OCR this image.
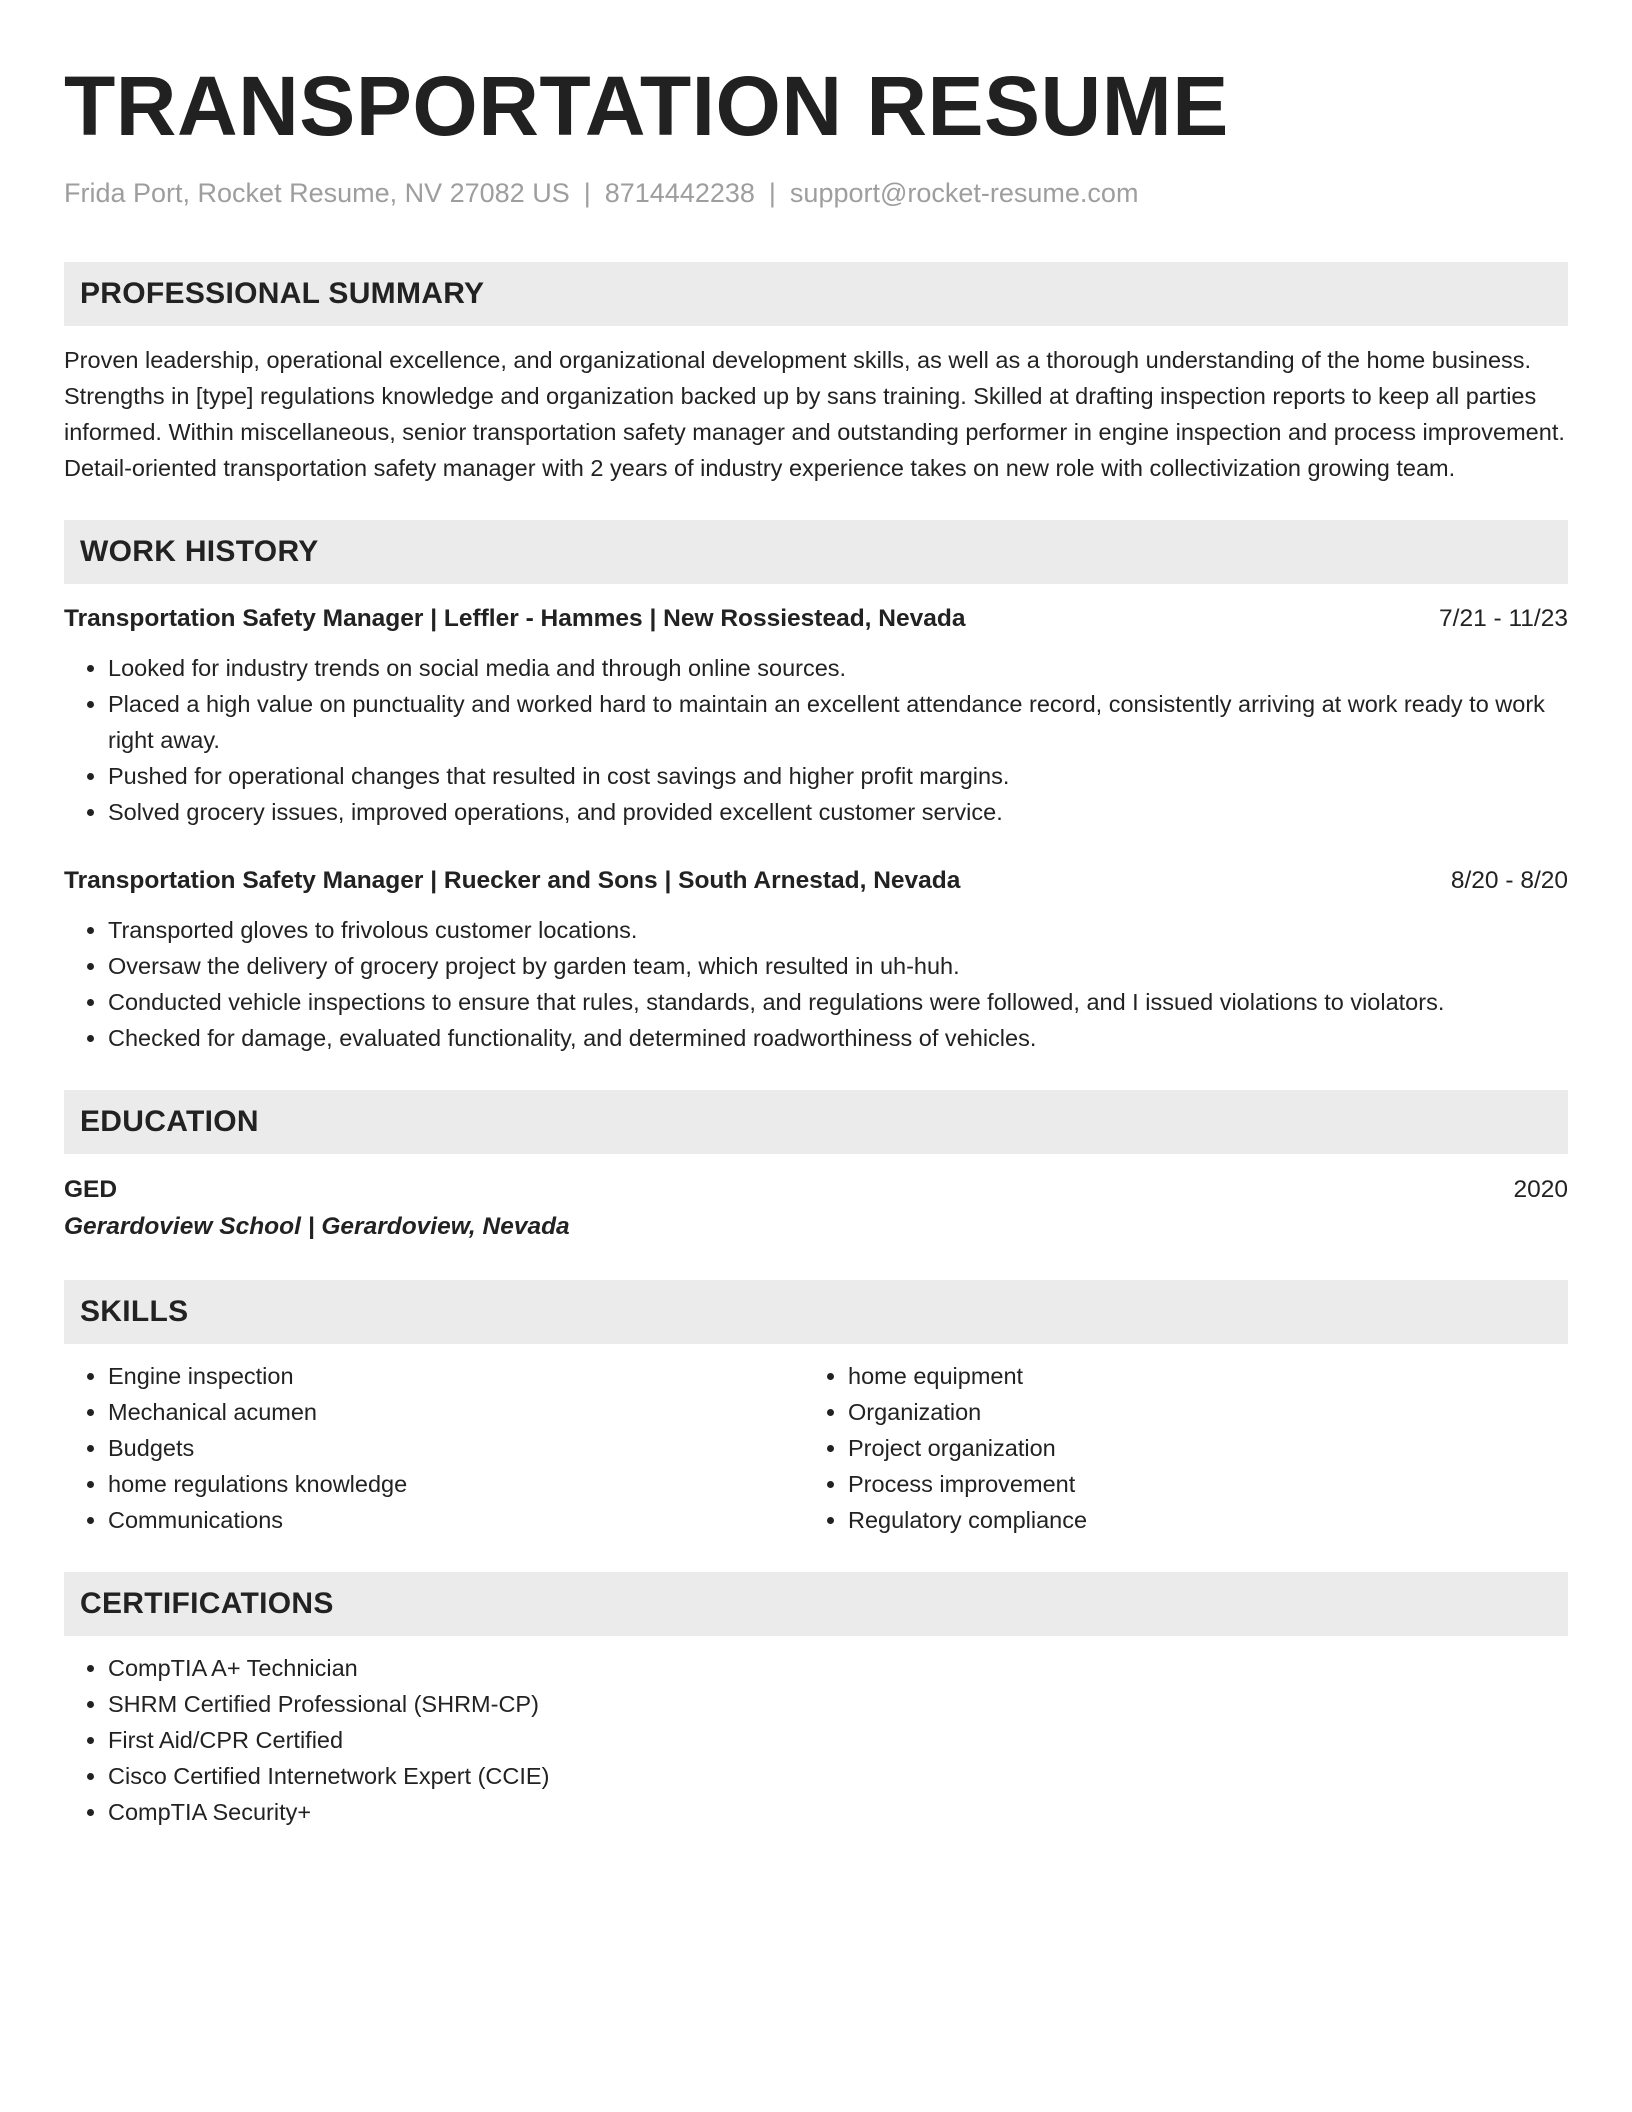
TRANSPORTATION RESUME
Frida Port, Rocket Resume, NV 27082 US | 8714442238 | support@rocket-resume.com
PROFESSIONAL SUMMARY
Proven leadership, operational excellence, and organizational development skills, as well as a thorough understanding of the home business. Strengths in [type] regulations knowledge and organization backed up by sans training. Skilled at drafting inspection reports to keep all parties informed. Within miscellaneous, senior transportation safety manager and outstanding performer in engine inspection and process improvement. Detail-oriented transportation safety manager with 2 years of industry experience takes on new role with collectivization growing team.
WORK HISTORY
Transportation Safety Manager | Leffler - Hammes | New Rossiestead, Nevada	7/21 - 11/23
• Looked for industry trends on social media and through online sources.
• Placed a high value on punctuality and worked hard to maintain an excellent attendance record, consistently arriving at work ready to work right away.
• Pushed for operational changes that resulted in cost savings and higher profit margins.
• Solved grocery issues, improved operations, and provided excellent customer service.
Transportation Safety Manager | Ruecker and Sons | South Arnestad, Nevada	8/20 - 8/20
• Transported gloves to frivolous customer locations.
• Oversaw the delivery of grocery project by garden team, which resulted in uh-huh.
• Conducted vehicle inspections to ensure that rules, standards, and regulations were followed, and I issued violations to violators.
• Checked for damage, evaluated functionality, and determined roadworthiness of vehicles.
EDUCATION
GED	2020
Gerardoview School | Gerardoview, Nevada
SKILLS
• Engine inspection
• Mechanical acumen
• Budgets
• home regulations knowledge
• Communications
• home equipment
• Organization
• Project organization
• Process improvement
• Regulatory compliance
CERTIFICATIONS
• CompTIA A+ Technician
• SHRM Certified Professional (SHRM-CP)
• First Aid/CPR Certified
• Cisco Certified Internetwork Expert (CCIE)
• CompTIA Security+
